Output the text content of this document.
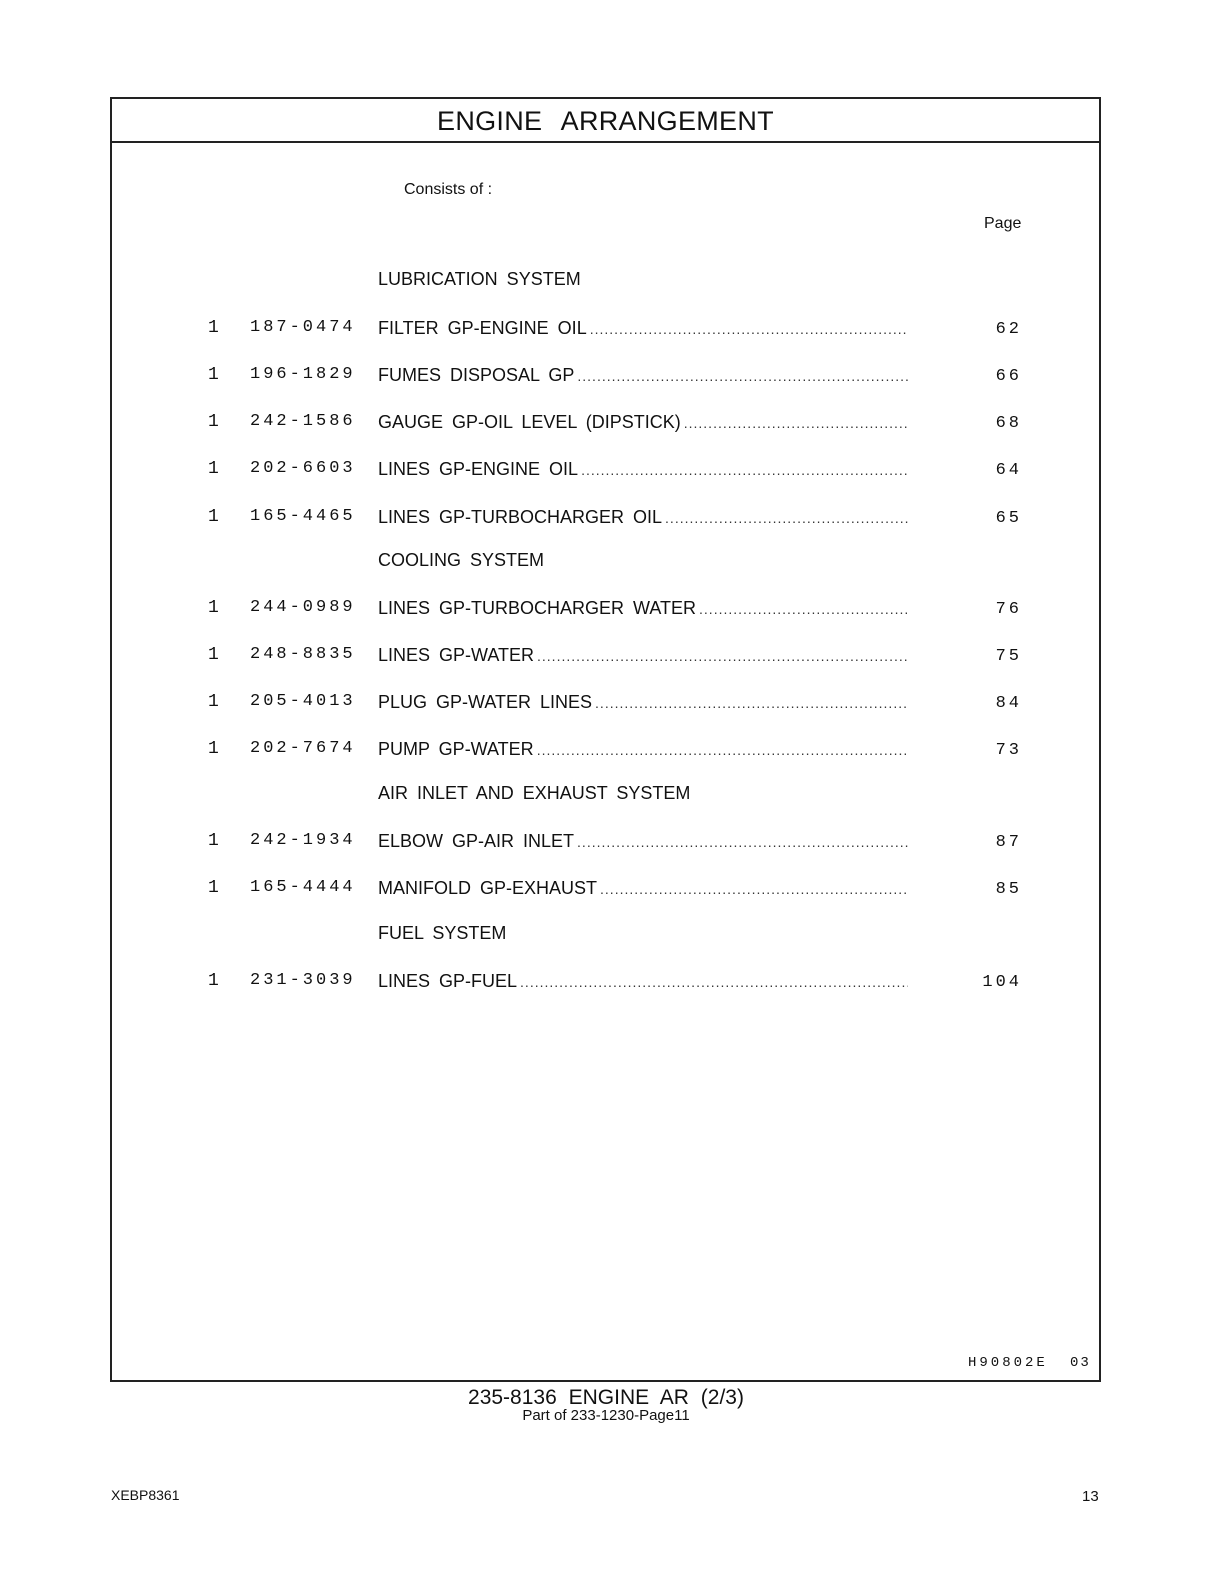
ENGINE ARRANGEMENT
Consists of :
Page
LUBRICATION SYSTEM
1 187-0474 FILTER GP-ENGINE OIL .....	62
1 196-1829 FUMES DISPOSAL GP .....	66
1 242-1586 GAUGE GP-OIL LEVEL (DIPSTICK) .....	68
1 202-6603 LINES GP-ENGINE OIL .....	64
1 165-4465 LINES GP-TURBOCHARGER OIL .....	65
COOLING SYSTEM
1 244-0989 LINES GP-TURBOCHARGER WATER .....	76
1 248-8835 LINES GP-WATER .....	75
1 205-4013 PLUG GP-WATER LINES .....	84
1 202-7674 PUMP GP-WATER .....	73
AIR INLET AND EXHAUST SYSTEM
1 242-1934 ELBOW GP-AIR INLET .....	87
1 165-4444 MANIFOLD GP-EXHAUST .....	85
FUEL SYSTEM
1 231-3039 LINES GP-FUEL .....	104
H90802E 03
235-8136 ENGINE AR (2/3)
Part of 233-1230-Page11
XEBP8361	13
